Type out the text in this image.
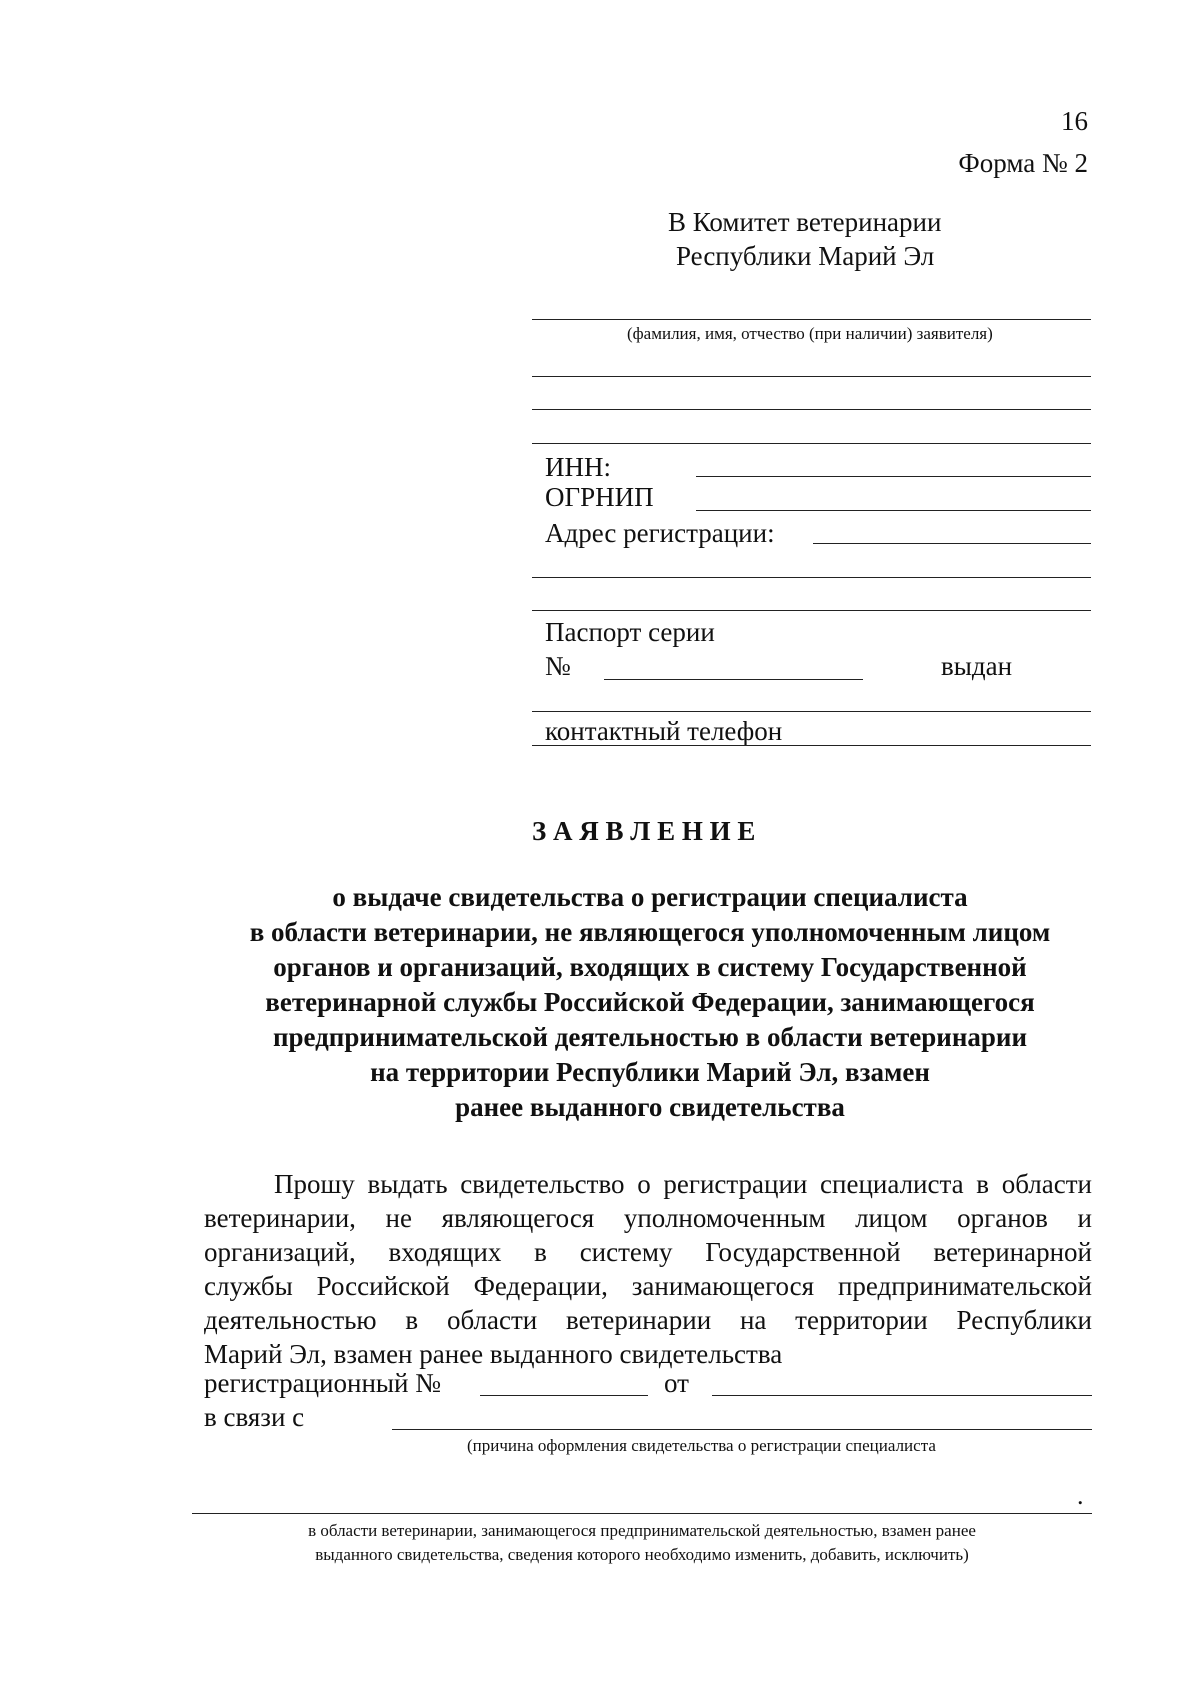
16
Форма № 2
В Комитет ветеринарии
Республики Марий Эл
(фамилия, имя, отчество (при наличии) заявителя)
ИНН:
ОГРНИП
Адрес регистрации:
Паспорт серии
№	выдан
контактный телефон
З А Я В Л Е Н И Е
о выдаче свидетельства о регистрации специалиста
в области ветеринарии, не являющегося уполномоченным лицом
органов и организаций, входящих в систему Государственной
ветеринарной службы Российской Федерации, занимающегося
предпринимательской деятельностью в области ветеринарии
на территории Республики Марий Эл, взамен
ранее выданного свидетельства
Прошу выдать свидетельство о регистрации специалиста в области
ветеринарии, не являющегося уполномоченным лицом органов и
организаций, входящих в систему Государственной ветеринарной
службы Российской Федерации, занимающегося предпринимательской
деятельностью в области ветеринарии на территории Республики
Марий Эл, взамен ранее выданного свидетельства
регистрационный №	от
в связи с
(причина оформления свидетельства о регистрации специалиста
.
в области ветеринарии, занимающегося предпринимательской деятельностью, взамен ранее
выданного свидетельства, сведения которого необходимо изменить, добавить, исключить)
